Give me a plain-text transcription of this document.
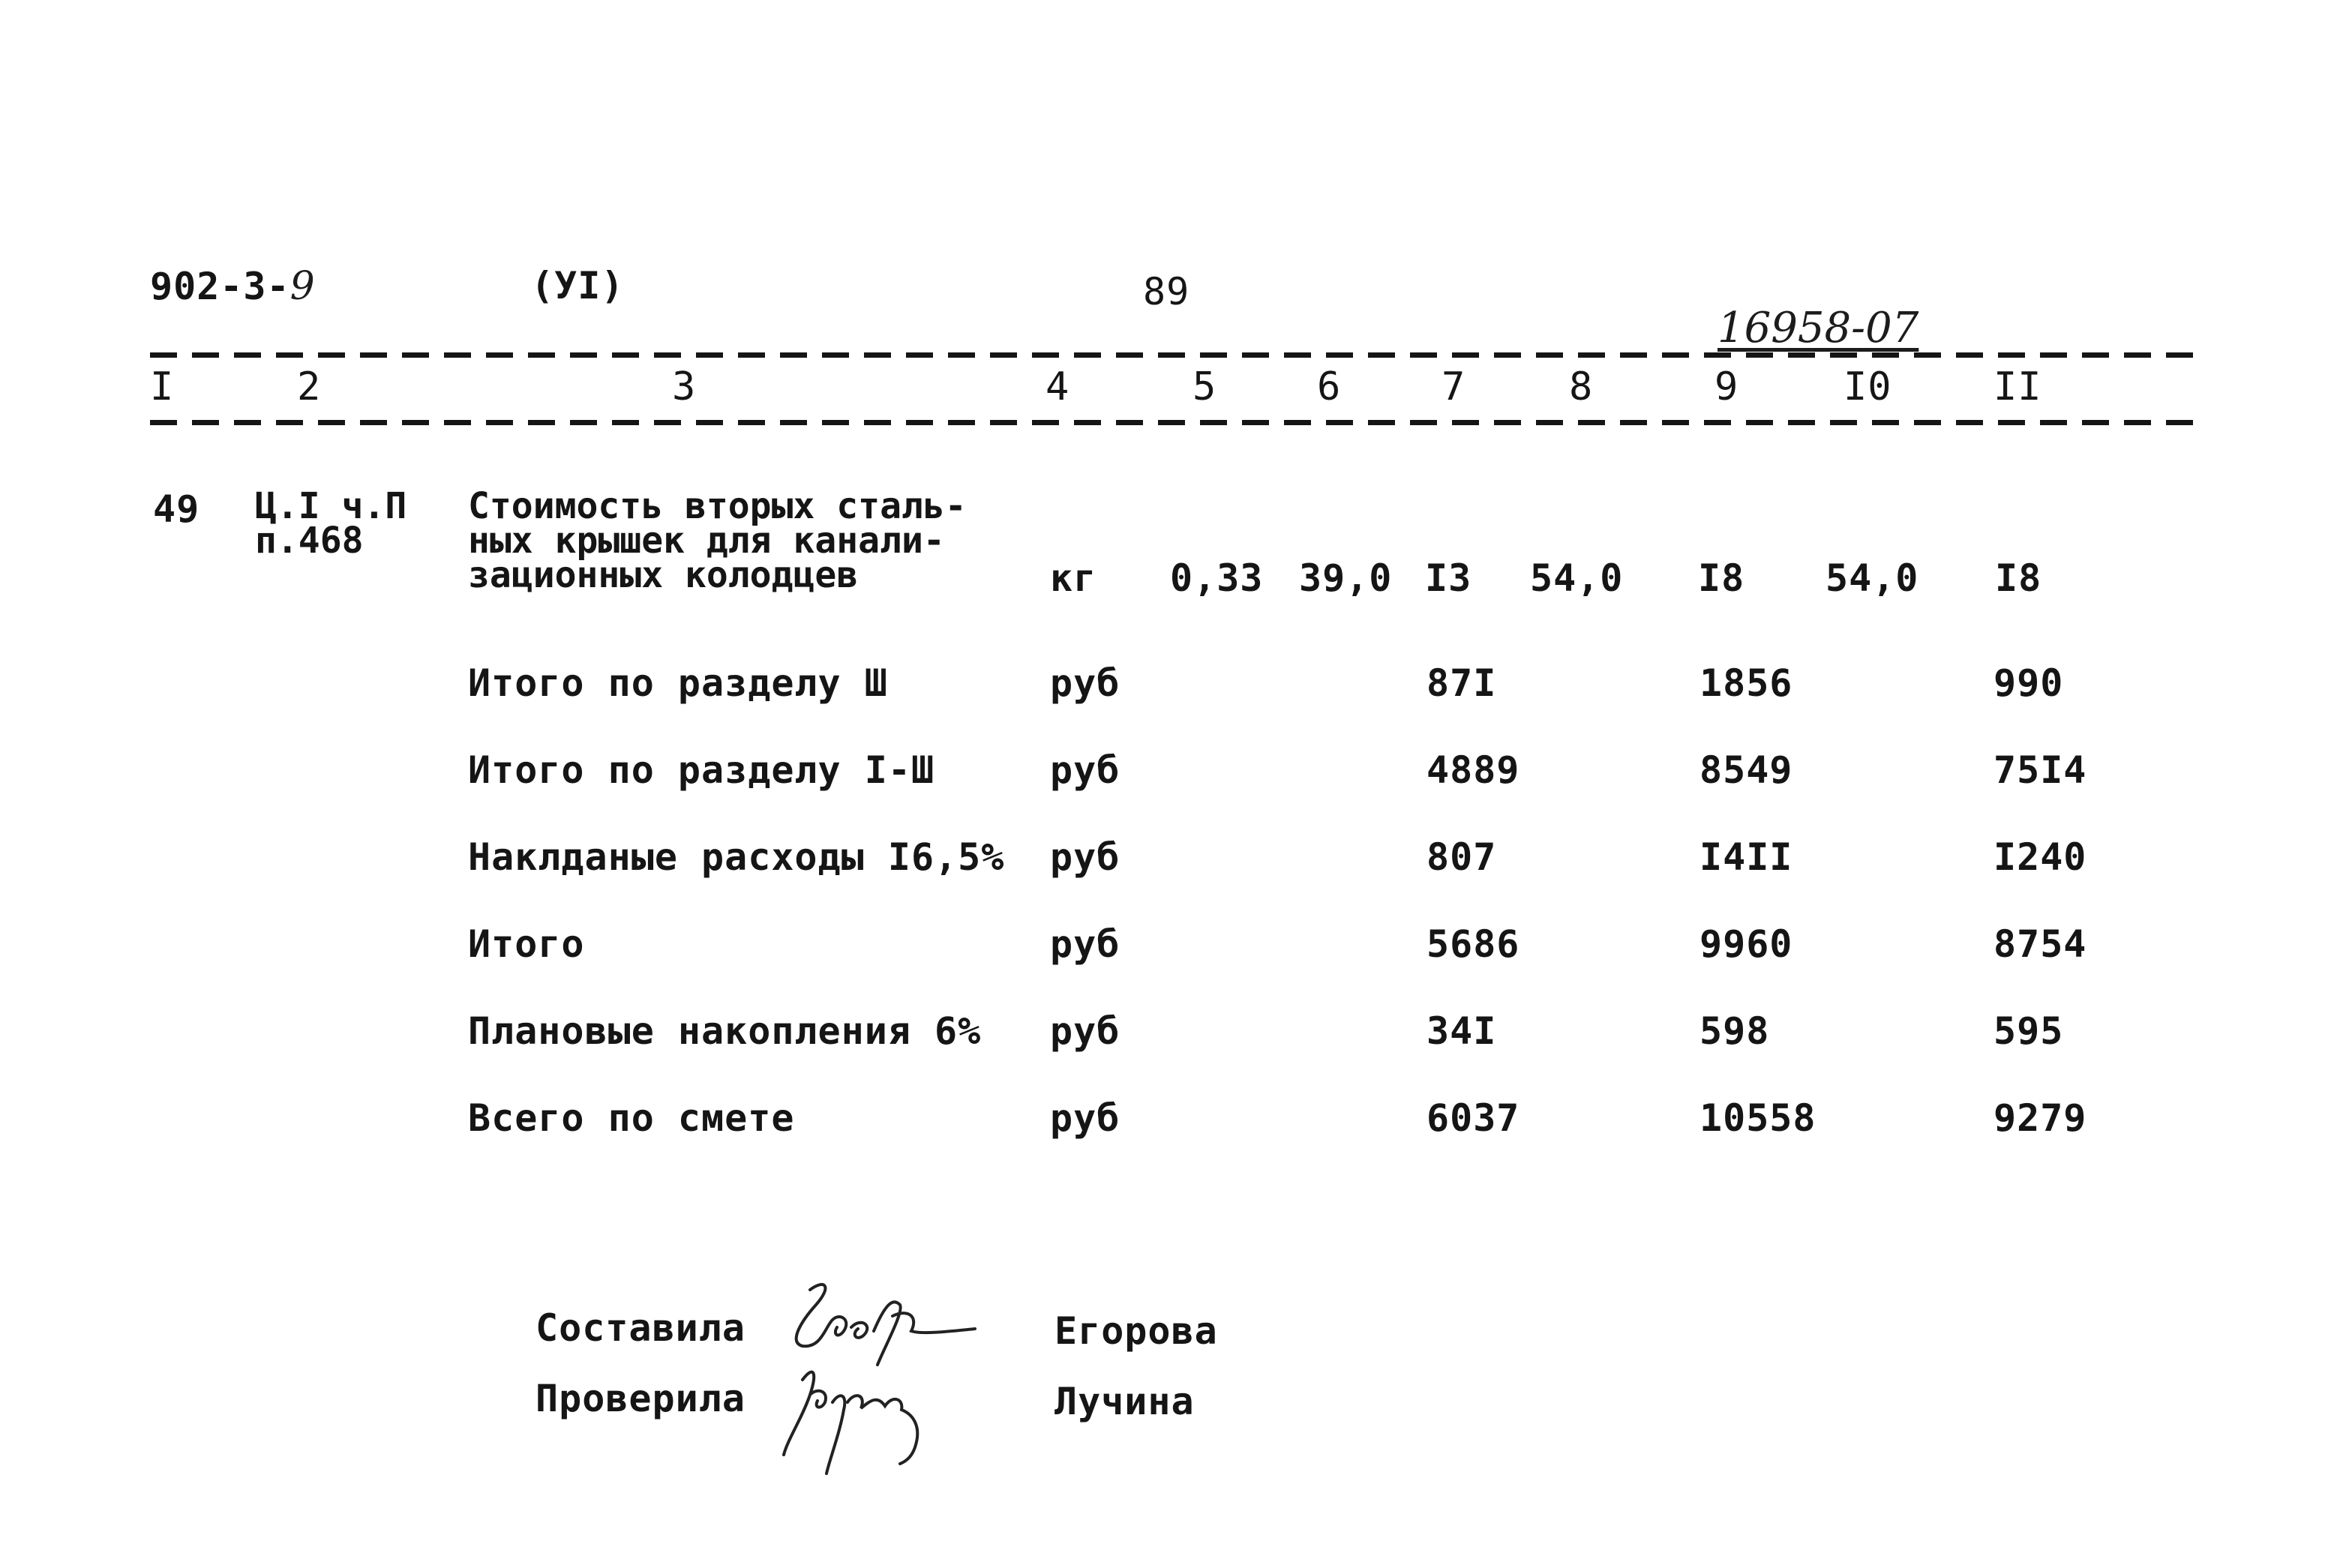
902-3-9	(УI)	89
16958-07
I	2	3	4	5	6	7	8	9	I0	II
49 Ц.I ч.П
п.468
Стоимость вторых сталь-
ных крышек для канали-
зационных колодцев	кг 0,33 39,0 I3 54,0 I8 54,0 I8
Итого по разделу Ш	руб	87I	1856	990
Итого по разделу I-Ш	руб	4889	8549	75I4
Наклданые расходы I6,5% руб	807	I4II	I240
Итого	руб	5686	9960	8754
Плановые накопления 6% руб	34I	598	595
Всего по смете	руб	6037	10558	9279
Составила	Егорова
Проверила	Лучина
